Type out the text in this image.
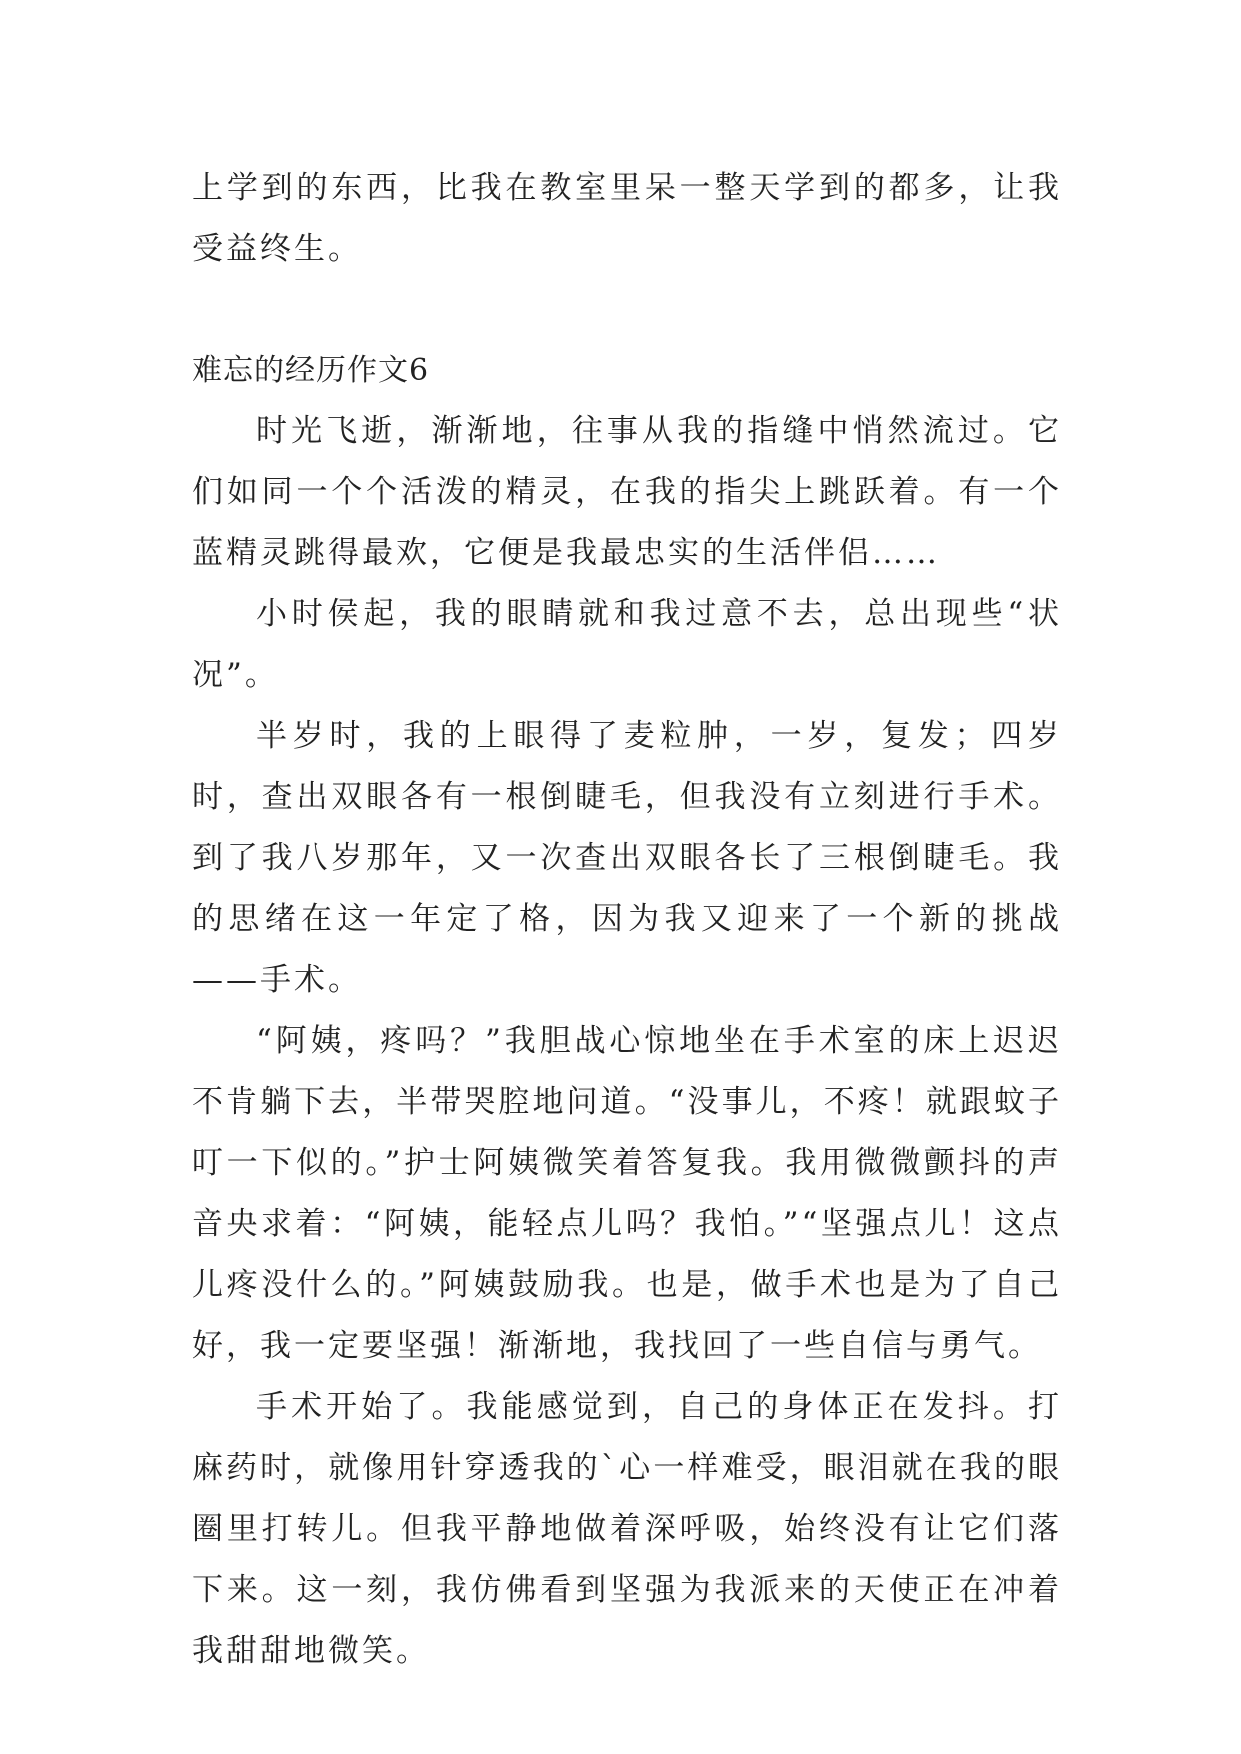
上学到的东西，比我在教室里呆一整天学到的都多，让我受益终生。

难忘的经历作文6

时光飞逝，渐渐地，往事从我的指缝中悄然流过。它们如同一个个活泼的精灵，在我的指尖上跳跃着。有一个蓝精灵跳得最欢，它便是我最忠实的生活伴侣……

小时侯起，我的眼睛就和我过意不去，总出现些“状况”。

半岁时，我的上眼得了麦粒肿，一岁，复发；四岁时，查出双眼各有一根倒睫毛，但我没有立刻进行手术。到了我八岁那年，又一次查出双眼各长了三根倒睫毛。我的思绪在这一年定了格，因为我又迎来了一个新的挑战——手术。

“阿姨，疼吗？”我胆战心惊地坐在手术室的床上迟迟不肯躺下去，半带哭腔地问道。“没事儿，不疼！就跟蚊子叮一下似的。”护士阿姨微笑着答复我。我用微微颤抖的声音央求着：“阿姨，能轻点儿吗？我怕。”“坚强点儿！这点儿疼没什么的。”阿姨鼓励我。也是，做手术也是为了自己好，我一定要坚强！渐渐地，我找回了一些自信与勇气。

手术开始了。我能感觉到，自己的身体正在发抖。打麻药时，就像用针穿透我的`心一样难受，眼泪就在我的眼圈里打转儿。但我平静地做着深呼吸，始终没有让它们落下来。这一刻，我仿佛看到坚强为我派来的天使正在冲着我甜甜地微笑。
